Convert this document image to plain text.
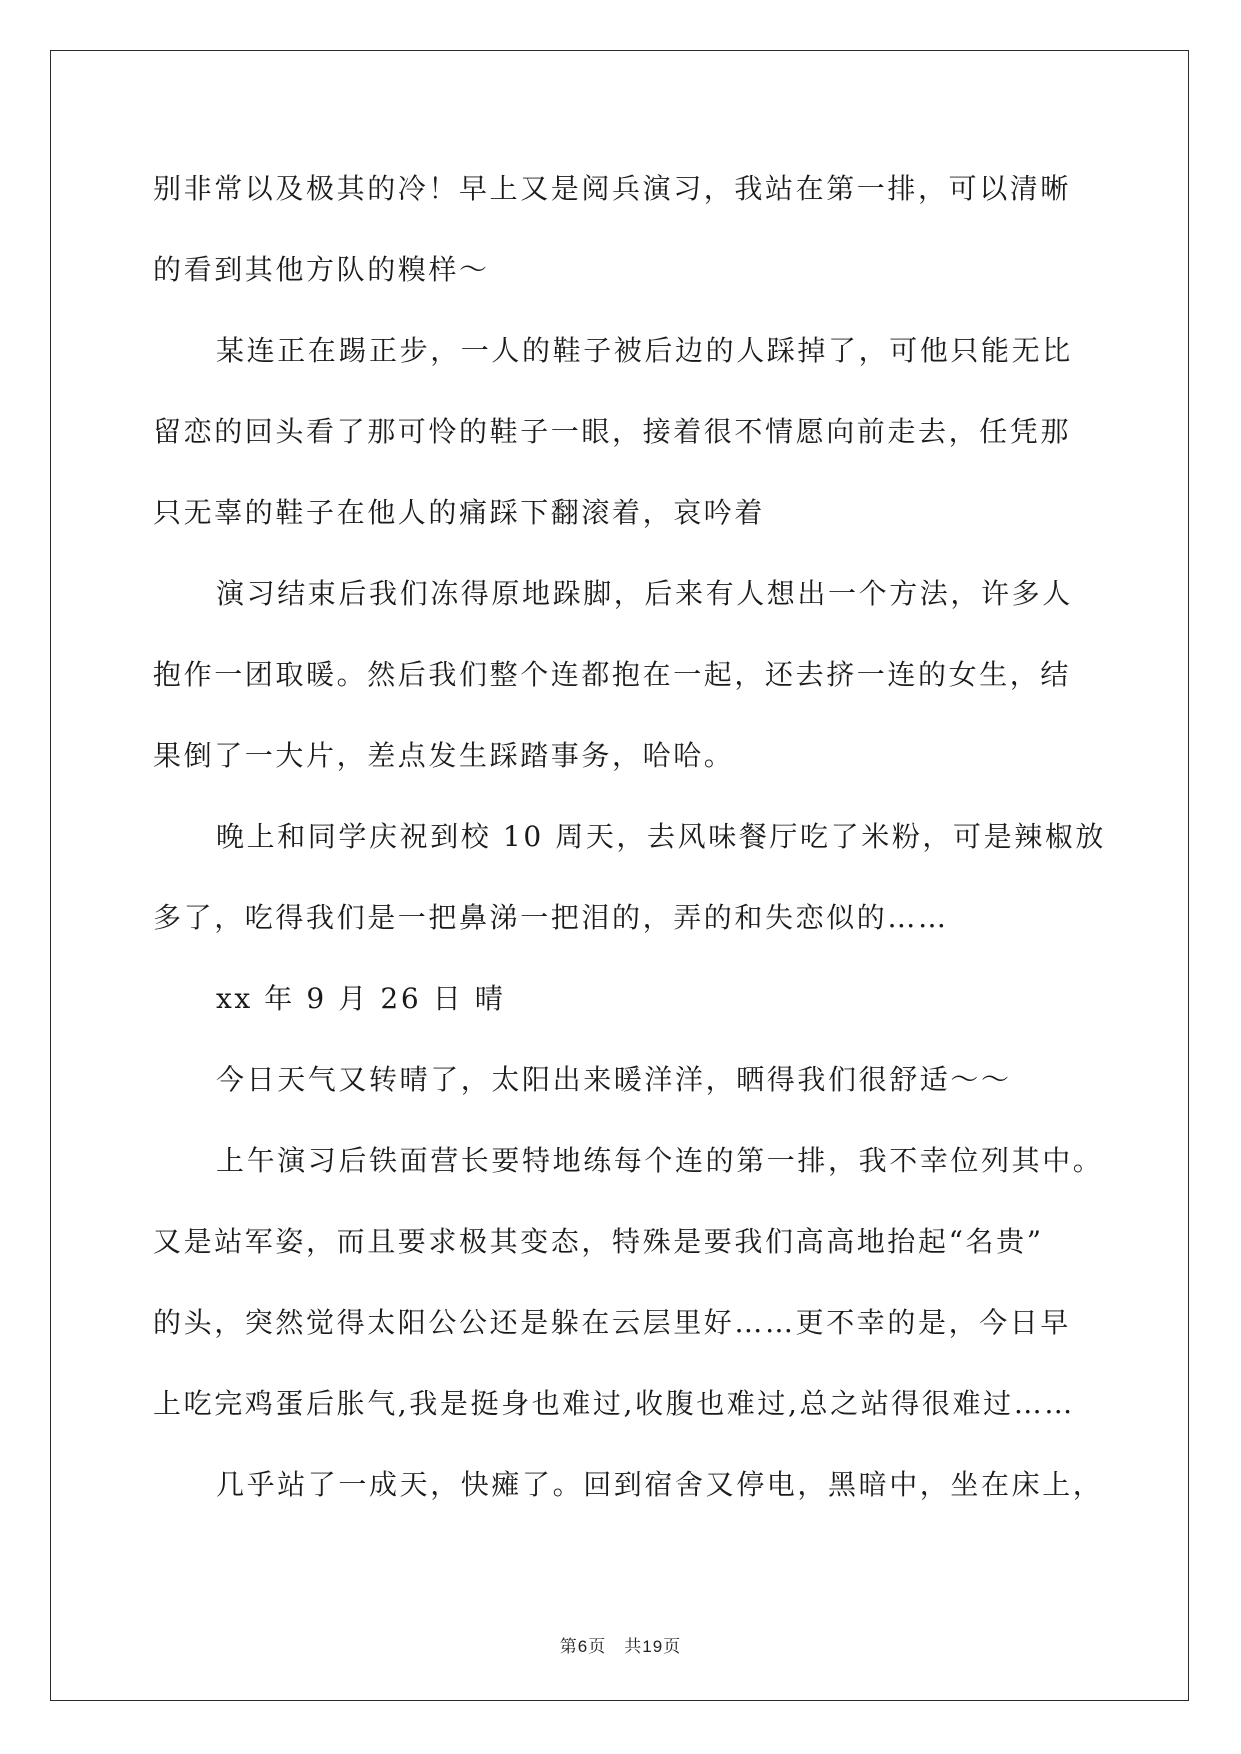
别非常以及极其的冷！早上又是阅兵演习，我站在第一排，可以清晰
的看到其他方队的糗样～
某连正在踢正步，一人的鞋子被后边的人踩掉了，可他只能无比
留恋的回头看了那可怜的鞋子一眼，接着很不情愿向前走去，任凭那
只无辜的鞋子在他人的痛踩下翻滚着，哀吟着
演习结束后我们冻得原地跺脚，后来有人想出一个方法，许多人
抱作一团取暖。然后我们整个连都抱在一起，还去挤一连的女生，结
果倒了一大片，差点发生踩踏事务，哈哈。
晚上和同学庆祝到校 10 周天，去风味餐厅吃了米粉，可是辣椒放
多了，吃得我们是一把鼻涕一把泪的，弄的和失恋似的……
xx 年 9 月 26 日 晴
今日天气又转晴了，太阳出来暖洋洋，晒得我们很舒适～～
上午演习后铁面营长要特地练每个连的第一排，我不幸位列其中。
又是站军姿，而且要求极其变态，特殊是要我们高高地抬起“名贵”
的头，突然觉得太阳公公还是躲在云层里好……更不幸的是，今日早
上吃完鸡蛋后胀气,我是挺身也难过,收腹也难过,总之站得很难过……
几乎站了一成天，快瘫了。回到宿舍又停电，黑暗中，坐在床上，
第6页 共19页
